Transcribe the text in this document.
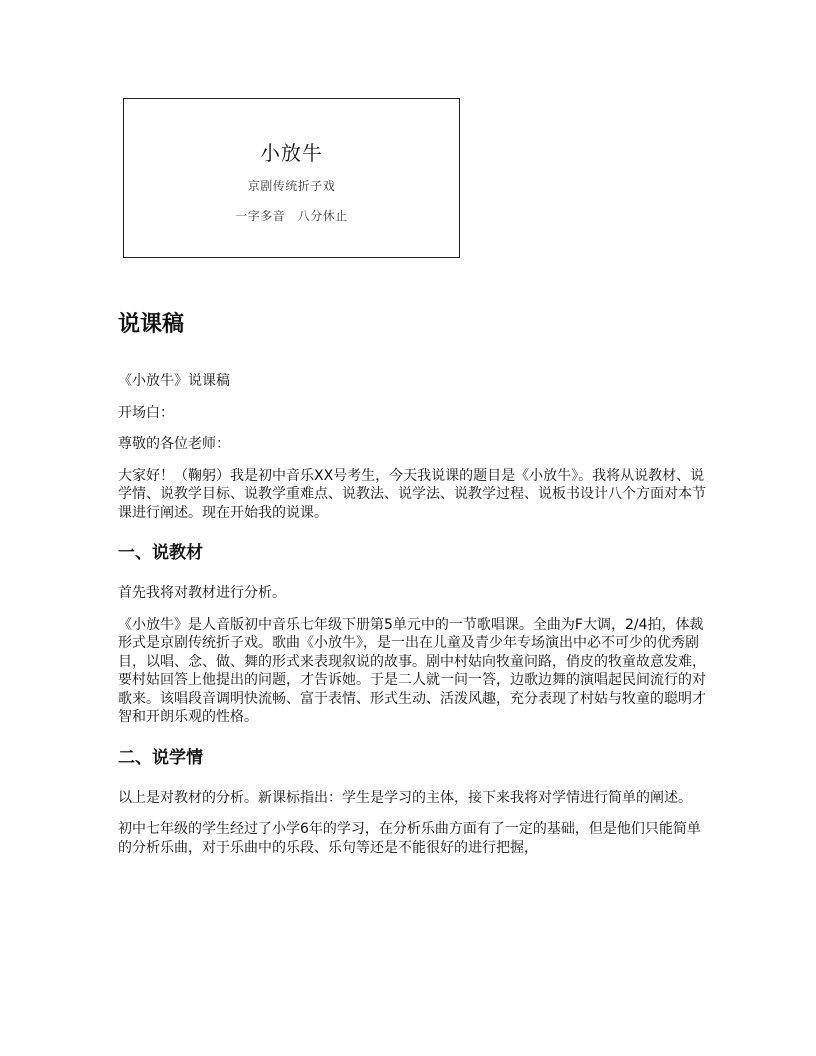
小放牛
京剧传统折子戏
一字多音　八分休止
说课稿

《小放牛》说课稿

开场白：

尊敬的各位老师：

大家好！（鞠躬）我是初中音乐XX号考生，今天我说课的题目是《小放牛》。我将从说教材、说学情、说教学目标、说教学重难点、说教法、说学法、说教学过程、说板书设计八个方面对本节课进行阐述。现在开始我的说课。

一、说教材

首先我将对教材进行分析。

《小放牛》是人音版初中音乐七年级下册第5单元中的一节歌唱课。全曲为F大调，2/4拍，体裁形式是京剧传统折子戏。歌曲《小放牛》，是一出在儿童及青少年专场演出中必不可少的优秀剧目，以唱、念、做、舞的形式来表现叙说的故事。剧中村姑向牧童问路，俏皮的牧童故意发难，要村姑回答上他提出的问题，才告诉她。于是二人就一问一答，边歌边舞的演唱起民间流行的对歌来。该唱段音调明快流畅、富于表情、形式生动、活泼风趣，充分表现了村姑与牧童的聪明才智和开朗乐观的性格。

二、说学情

以上是对教材的分析。新课标指出：学生是学习的主体，接下来我将对学情进行简单的阐述。

初中七年级的学生经过了小学6年的学习，在分析乐曲方面有了一定的基础，但是他们只能简单的分析乐曲，对于乐曲中的乐段、乐句等还是不能很好的进行把握，
